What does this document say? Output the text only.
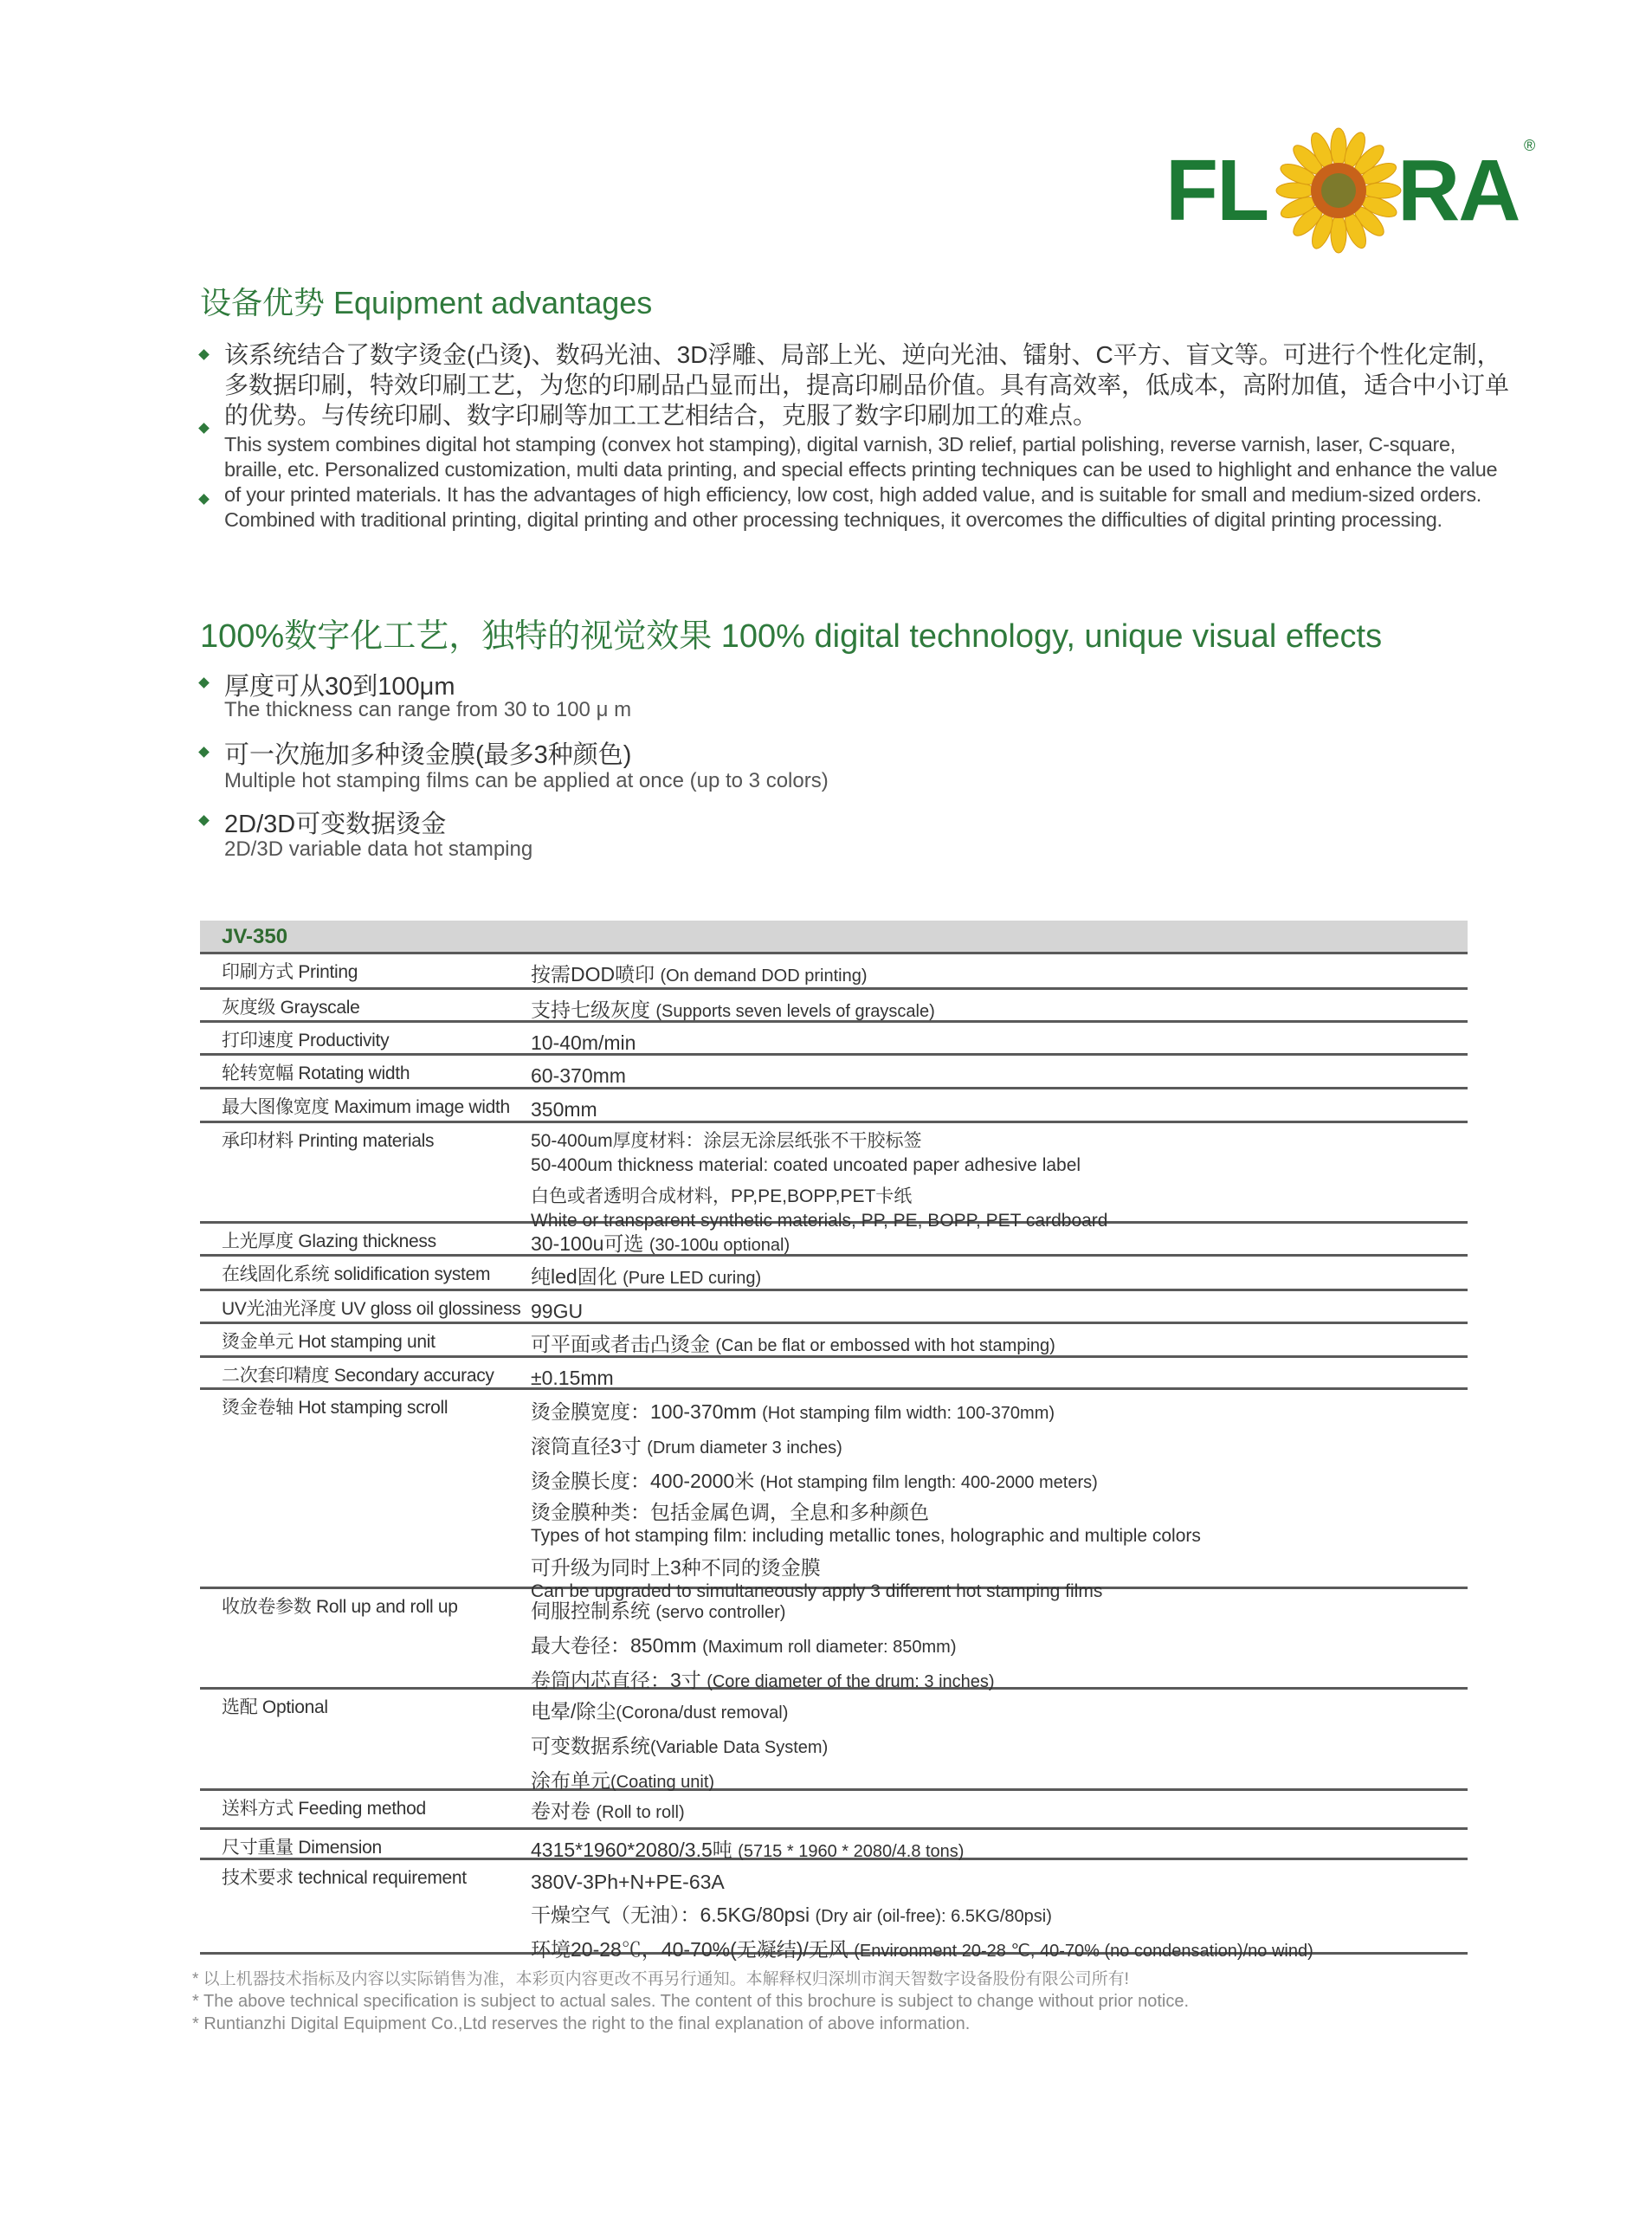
FL RA ®
设备优势 Equipment advantages
该系统结合了数字烫金(凸烫)、数码光油、3D浮雕、局部上光、逆向光油、镭射、C平方、盲文等。可进行个性化定制，多数据印刷，特效印刷工艺，为您的印刷品凸显而出，提高印刷品价值。具有高效率，低成本，高附加值，适合中小订单的优势。与传统印刷、数字印刷等加工工艺相结合，克服了数字印刷加工的难点。
This system combines digital hot stamping (convex hot stamping), digital varnish, 3D relief, partial polishing, reverse varnish, laser, C-square, braille, etc. Personalized customization, multi data printing, and special effects printing techniques can be used to highlight and enhance the value of your printed materials. It has the advantages of high efficiency, low cost, high added value, and is suitable for small and medium-sized orders. Combined with traditional printing, digital printing and other processing techniques, it overcomes the difficulties of digital printing processing.
100%数字化工艺，独特的视觉效果 100% digital technology, unique visual effects
厚度可从30到100μm
The thickness can range from 30 to 100 μ m
可一次施加多种烫金膜(最多3种颜色)
Multiple hot stamping films can be applied at once (up to 3 colors)
2D/3D可变数据烫金
2D/3D variable data hot stamping
JV-350
印刷方式 Printing	按需DOD喷印 (On demand DOD printing)
灰度级 Grayscale	支持七级灰度 (Supports seven levels of grayscale)
打印速度 Productivity	10-40m/min
轮转宽幅 Rotating width	60-370mm
最大图像宽度 Maximum image width	350mm
承印材料 Printing materials	50-400um厚度材料：涂层无涂层纸张不干胶标签
50-400um thickness material: coated uncoated paper adhesive label
白色或者透明合成材料，PP,PE,BOPP,PET卡纸
White or transparent synthetic materials, PP, PE, BOPP, PET cardboard
上光厚度 Glazing thickness	30-100u可选 (30-100u optional)
在线固化系统 solidification system	纯led固化 (Pure LED curing)
UV光油光泽度 UV gloss oil glossiness 99GU
烫金单元 Hot stamping unit	可平面或者击凸烫金 (Can be flat or embossed with hot stamping)
二次套印精度 Secondary accuracy	±0.15mm
烫金卷轴 Hot stamping scroll	烫金膜宽度：100-370mm (Hot stamping film width: 100-370mm)
滚筒直径3寸 (Drum diameter 3 inches)
烫金膜长度：400-2000米 (Hot stamping film length: 400-2000 meters)
烫金膜种类：包括金属色调，全息和多种颜色
Types of hot stamping film: including metallic tones, holographic and multiple colors
可升级为同时上3种不同的烫金膜
Can be upgraded to simultaneously apply 3 different hot stamping films
收放卷参数 Roll up and roll up	伺服控制系统 (servo controller)
最大卷径：850mm (Maximum roll diameter: 850mm)
卷筒内芯直径：3寸 (Core diameter of the drum: 3 inches)
选配 Optional	电晕/除尘(Corona/dust removal)
可变数据系统(Variable Data System)
涂布单元(Coating unit)
送料方式 Feeding method	卷对卷 (Roll to roll)
尺寸重量 Dimension	4315*1960*2080/3.5吨 (5715 * 1960 * 2080/4.8 tons)
技术要求 technical requirement	380V-3Ph+N+PE-63A
干燥空气（无油）：6.5KG/80psi (Dry air (oil-free): 6.5KG/80psi)
环境20-28℃，40-70%(无凝结)/无风 (Environment 20-28 ℃, 40-70% (no condensation)/no wind)
* 以上机器技术指标及内容以实际销售为准，本彩页内容更改不再另行通知。本解释权归深圳市润天智数字设备股份有限公司所有!
* The above technical specification is subject to actual sales. The content of this brochure is subject to change without prior notice.
* Runtianzhi Digital Equipment Co.,Ltd reserves the right to the final explanation of above information.
